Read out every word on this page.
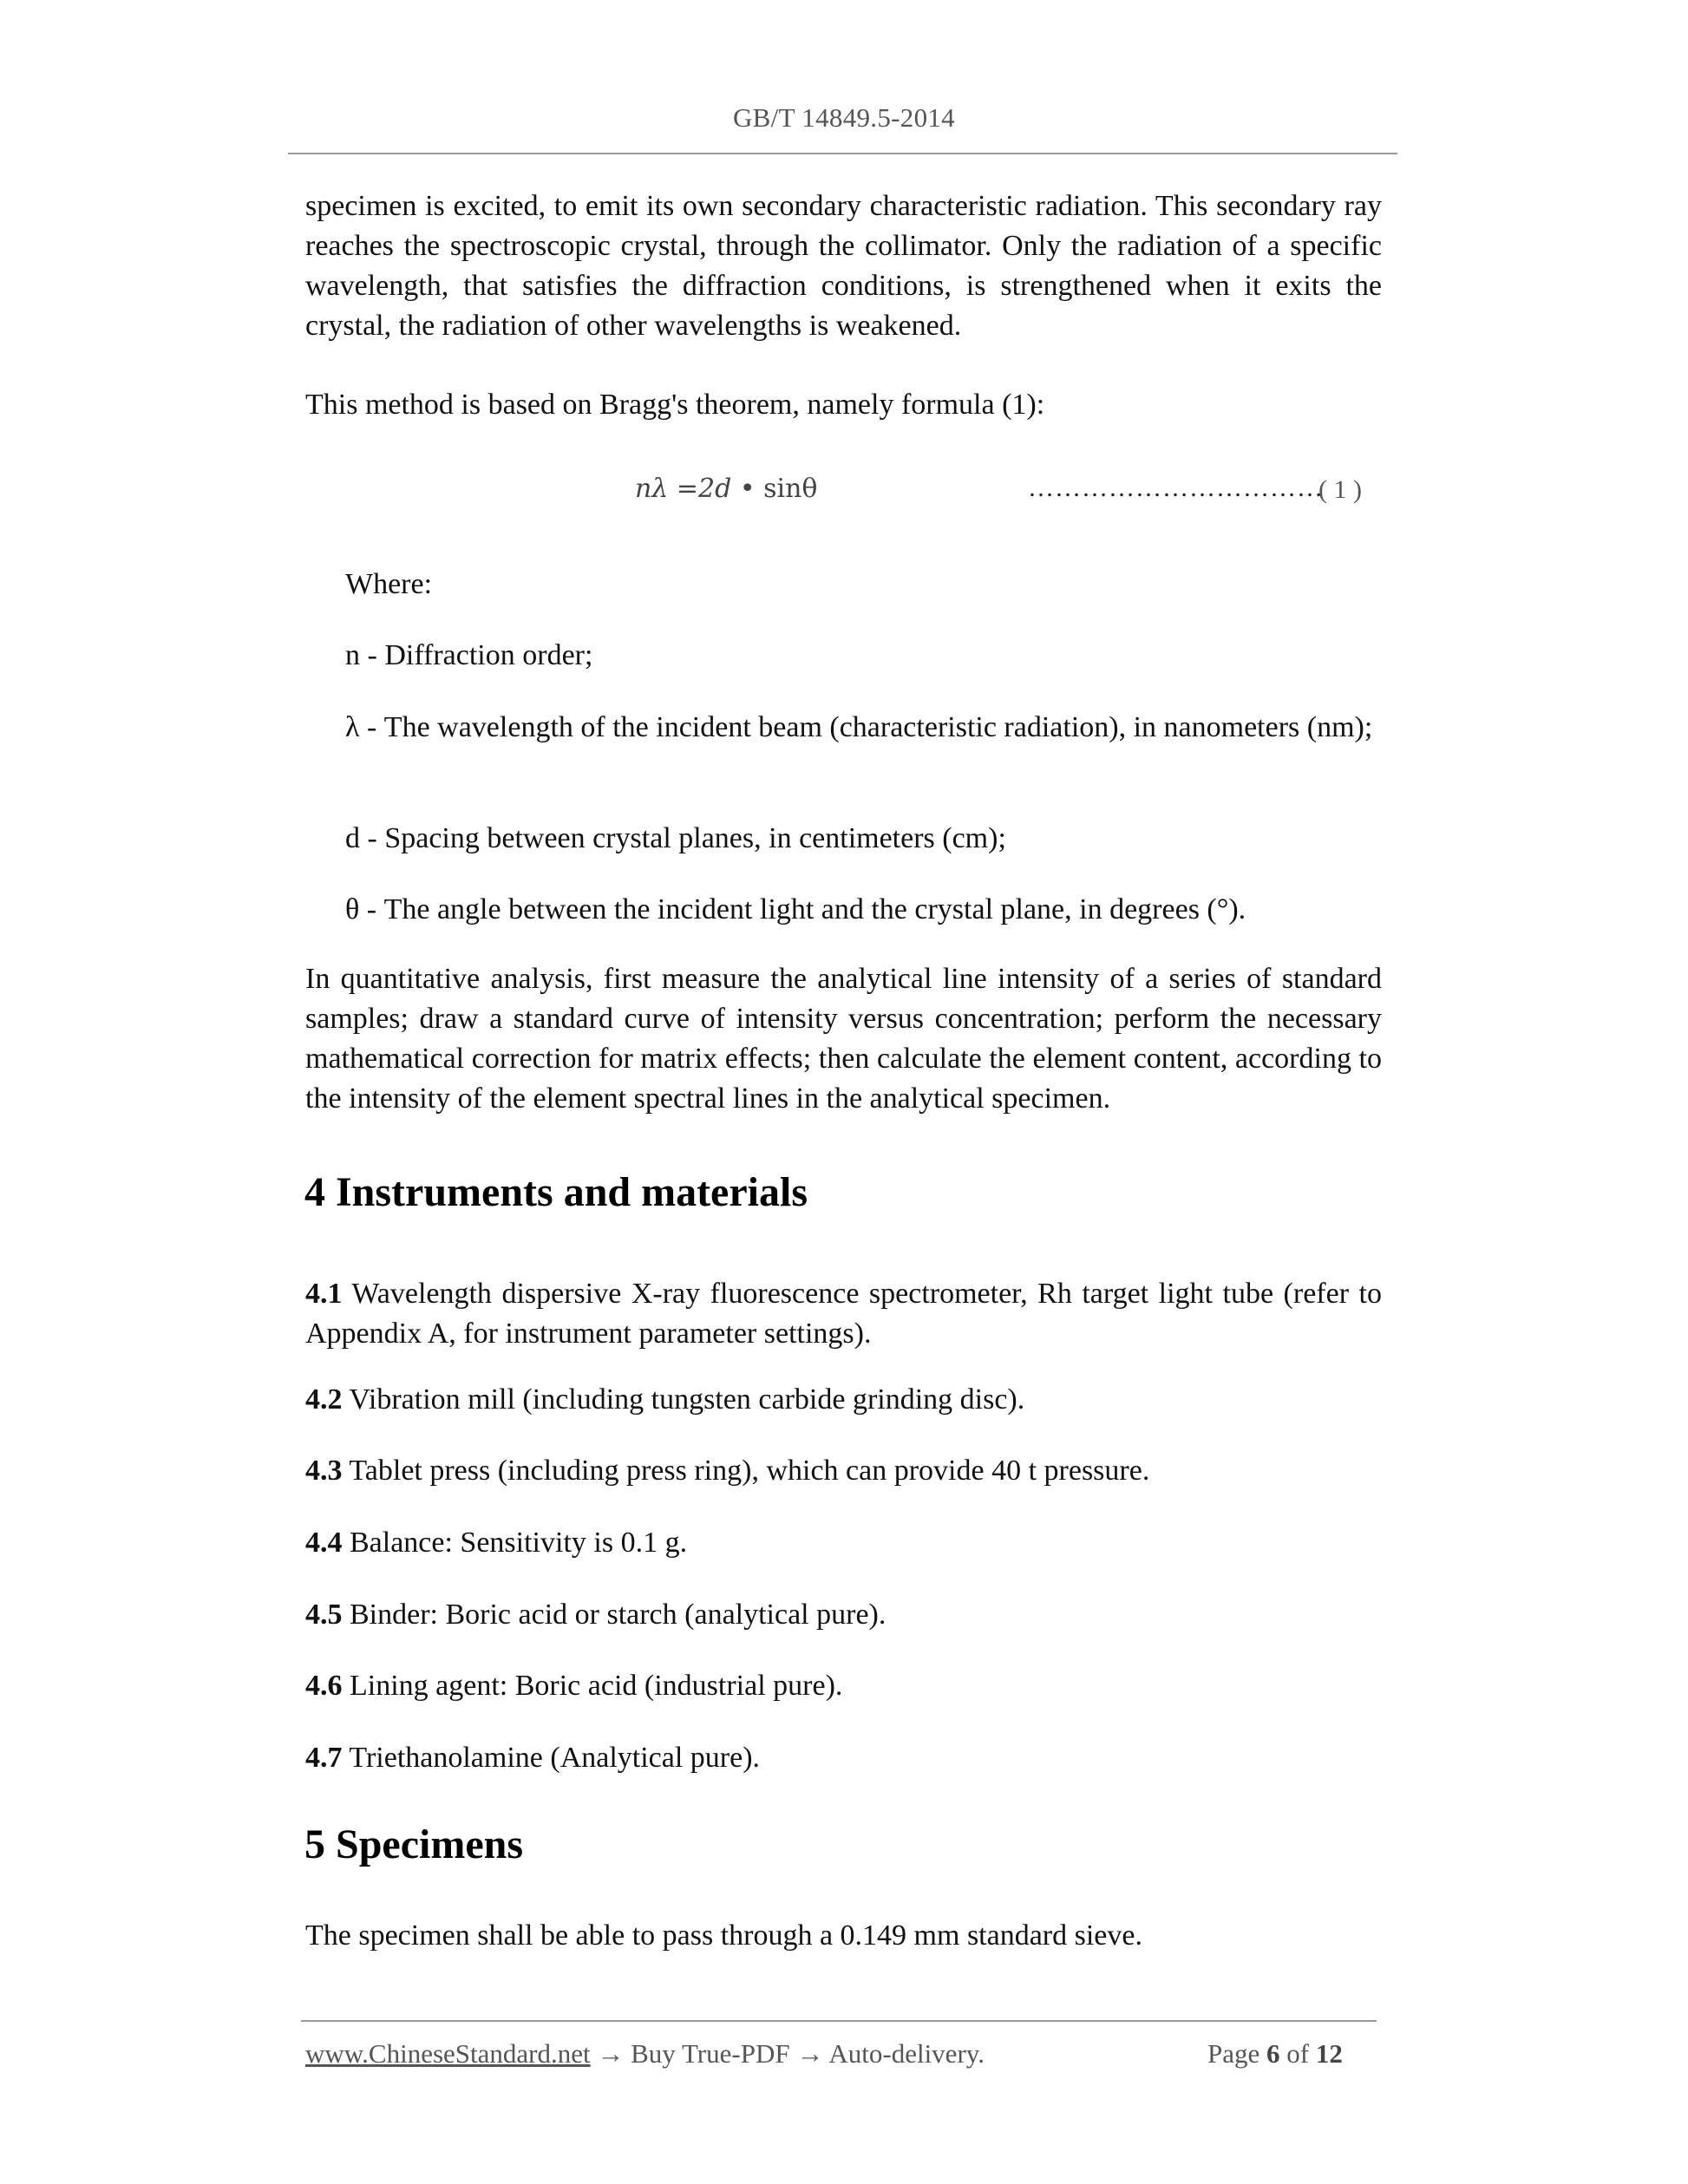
GB/T 14849.5-2014
specimen is excited, to emit its own secondary characteristic radiation. This secondary ray reaches the spectroscopic crystal, through the collimator. Only the radiation of a specific wavelength, that satisfies the diffraction conditions, is strengthened when it exits the crystal, the radiation of other wavelengths is weakened.
This method is based on Bragg's theorem, namely formula (1):
nλ =2d • sinθ	……………………………
( 1 )
Where:
n - Diffraction order;
λ - The wavelength of the incident beam (characteristic radiation), in nanometers (nm);
d - Spacing between crystal planes, in centimeters (cm);
θ - The angle between the incident light and the crystal plane, in degrees (°).
In quantitative analysis, first measure the analytical line intensity of a series of standard samples; draw a standard curve of intensity versus concentration; perform the necessary mathematical correction for matrix effects; then calculate the element content, according to the intensity of the element spectral lines in the analytical specimen.
4 Instruments and materials
4.1 Wavelength dispersive X-ray fluorescence spectrometer, Rh target light tube (refer to Appendix A, for instrument parameter settings).
4.2 Vibration mill (including tungsten carbide grinding disc).
4.3 Tablet press (including press ring), which can provide 40 t pressure.
4.4 Balance: Sensitivity is 0.1 g.
4.5 Binder: Boric acid or starch (analytical pure).
4.6 Lining agent: Boric acid (industrial pure).
4.7 Triethanolamine (Analytical pure).
5 Specimens
The specimen shall be able to pass through a 0.149 mm standard sieve.
www.ChineseStandard.net → Buy True-PDF → Auto-delivery.	Page 6 of 12
